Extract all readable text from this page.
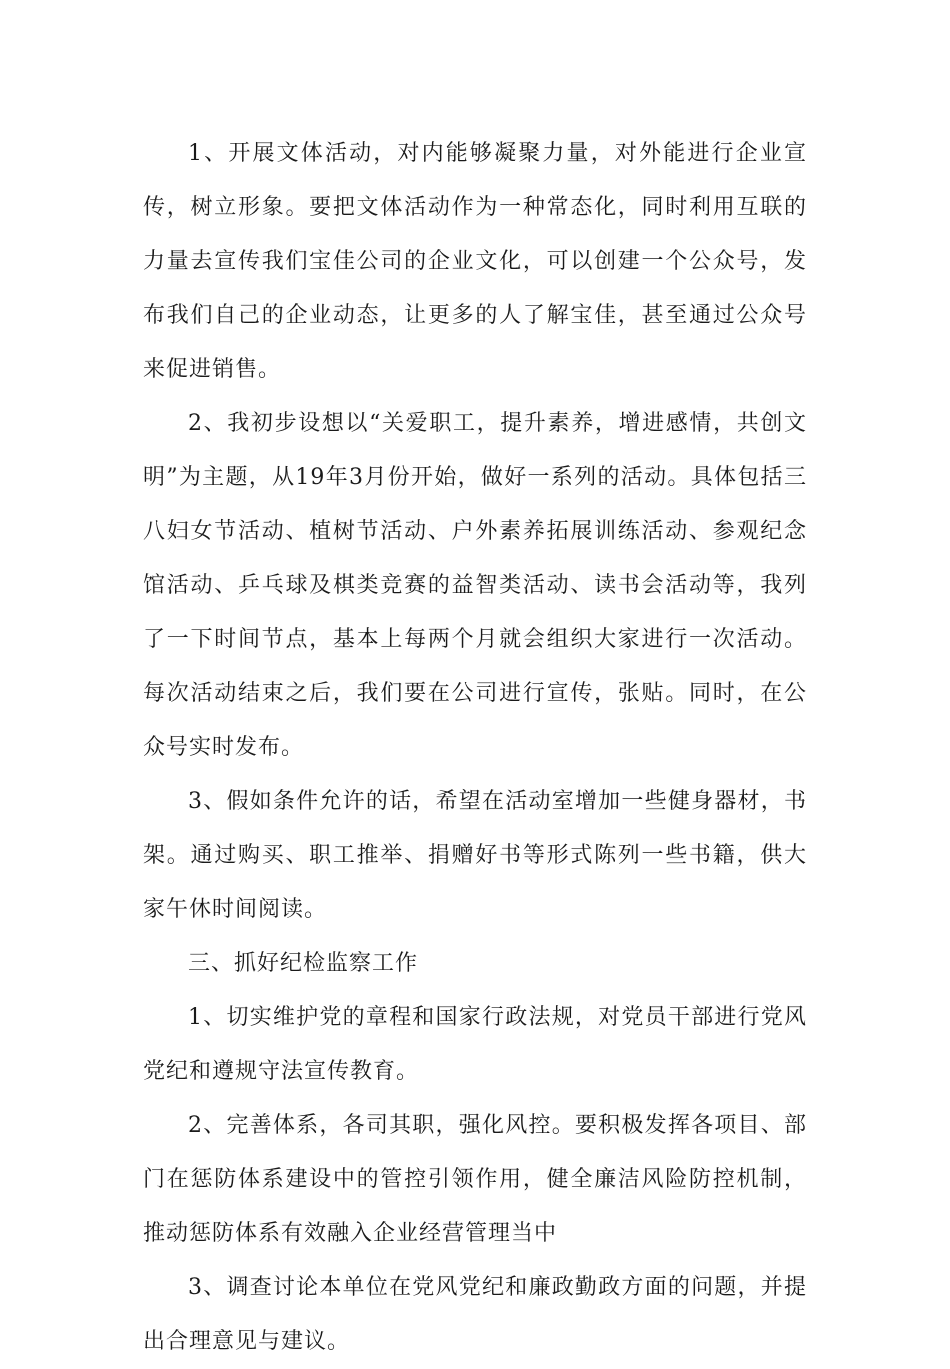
1、开展文体活动，对内能够凝聚力量，对外能进行企业宣传，树立形象。要把文体活动作为一种常态化，同时利用互联的力量去宣传我们宝佳公司的企业文化，可以创建一个公众号，发布我们自己的企业动态，让更多的人了解宝佳，甚至通过公众号来促进销售。

2、我初步设想以“关爱职工，提升素养，增进感情，共创文明”为主题，从19年3月份开始，做好一系列的活动。具体包括三八妇女节活动、植树节活动、户外素养拓展训练活动、参观纪念馆活动、乒乓球及棋类竞赛的益智类活动、读书会活动等，我列了一下时间节点，基本上每两个月就会组织大家进行一次活动。每次活动结束之后，我们要在公司进行宣传，张贴。同时，在公众号实时发布。

3、假如条件允许的话，希望在活动室增加一些健身器材，书架。通过购买、职工推举、捐赠好书等形式陈列一些书籍，供大家午休时间阅读。

三、抓好纪检监察工作

1、切实维护党的章程和国家行政法规，对党员干部进行党风党纪和遵规守法宣传教育。

2、完善体系，各司其职，强化风控。要积极发挥各项目、部门在惩防体系建设中的管控引领作用，健全廉洁风险防控机制，推动惩防体系有效融入企业经营管理当中

3、调查讨论本单位在党风党纪和廉政勤政方面的问题，并提出合理意见与建议。
